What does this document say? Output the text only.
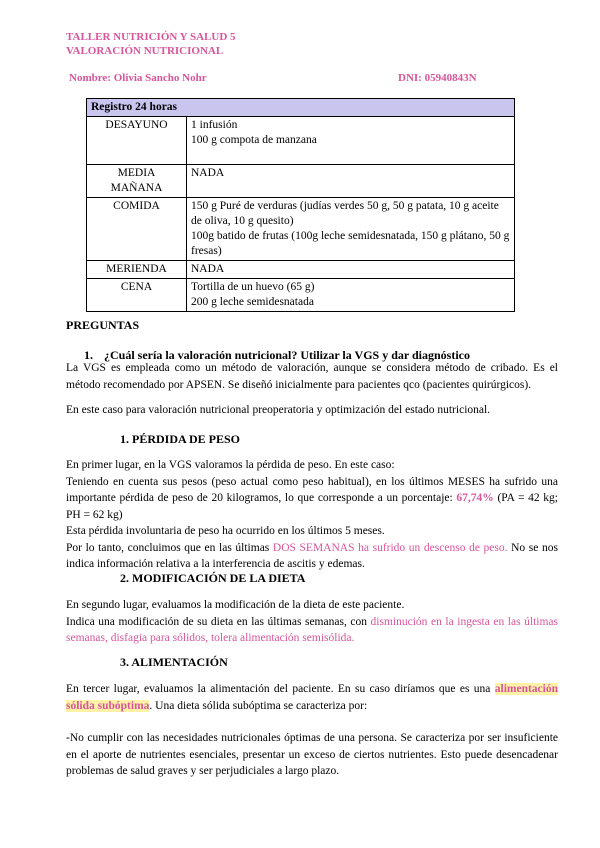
TALLER NUTRICIÓN Y SALUD 5
VALORACIÓN NUTRICIONAL
Nombre: Olivia Sancho Nohr	DNI: 05940843N
Registro 24 horas	
DESAYUNO	1 infusión
100 g compota de manzana

MEDIA MAÑANA	NADA

COMIDA	150 g Puré de verduras (judías verdes 50 g, 50 g patata, 10 g aceite de oliva, 10 g quesito)
100g batido de frutas (100g leche semidesnatada, 150 g plátano, 50 g fresas)

MERIENDA	NADA

CENA	Tortilla de un huevo (65 g)
200 g leche semidesnatada
PREGUNTAS
1. ¿Cuál sería la valoración nutricional? Utilizar la VGS y dar diagnóstico
La VGS es empleada como un método de valoración, aunque se considera método de cribado. Es el método recomendado por APSEN. Se diseñó inicialmente para pacientes qco (pacientes quirúrgicos).
En este caso para valoración nutricional preoperatoria y optimización del estado nutricional.
1. PÉRDIDA DE PESO
En primer lugar, en la VGS valoramos la pérdida de peso. En este caso:
Teniendo en cuenta sus pesos (peso actual como peso habitual), en los últimos MESES ha sufrido una importante pérdida de peso de 20 kilogramos, lo que corresponde a un porcentaje: 67,74% (PA = 42 kg; PH = 62 kg)
Esta pérdida involuntaria de peso ha ocurrido en los últimos 5 meses.
Por lo tanto, concluimos que en las últimas DOS SEMANAS ha sufrido un descenso de peso. No se nos indica información relativa a la interferencia de ascitis y edemas.
2. MODIFICACIÓN DE LA DIETA
En segundo lugar, evaluamos la modificación de la dieta de este paciente.
Indica una modificación de su dieta en las últimas semanas, con disminución en la ingesta en las últimas semanas, disfagia para sólidos, tolera alimentación semisólida.
3. ALIMENTACIÓN
En tercer lugar, evaluamos la alimentación del paciente. En su caso diríamos que es una alimentación sólida subóptima. Una dieta sólida subóptima se caracteriza por:
-No cumplir con las necesidades nutricionales óptimas de una persona. Se caracteriza por ser insuficiente en el aporte de nutrientes esenciales, presentar un exceso de ciertos nutrientes. Esto puede desencadenar problemas de salud graves y ser perjudiciales a largo plazo.
